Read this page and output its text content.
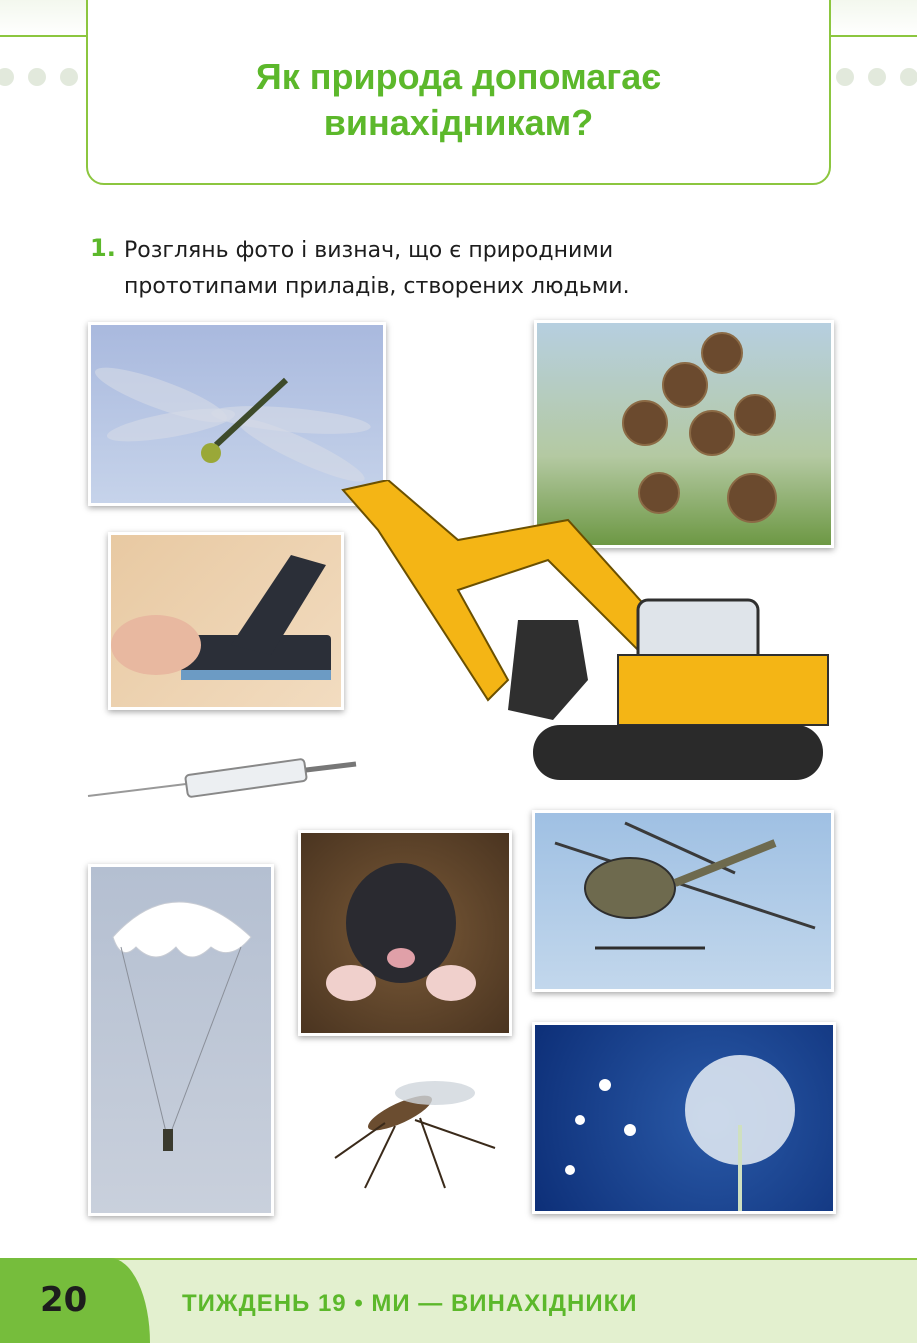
Як природа допомагає
винахідникам?
1. Розглянь фото і визнач, що є природними
прототипами приладів, створених людьми.

20	ТИЖДЕНЬ 19 • МИ — ВИНАХІДНИКИ
